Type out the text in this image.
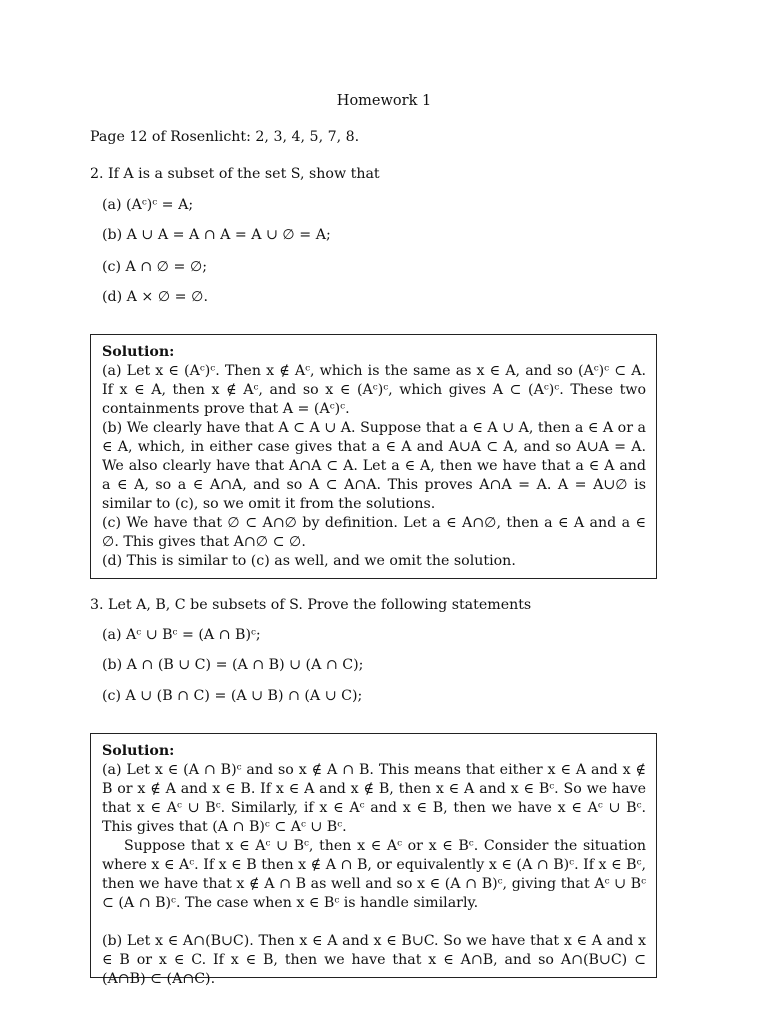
Homework 1
Page 12 of Rosenlicht: 2, 3, 4, 5, 7, 8.
2. If A is a subset of the set S, show that
(a) (Aᶜ)ᶜ = A;
(b) A ∪ A = A ∩ A = A ∪ ∅ = A;
(c) A ∩ ∅ = ∅;
(d) A × ∅ = ∅.

Solution:

(a) Let x ∈ (Aᶜ)ᶜ. Then x ∉ Aᶜ, which is the same as x ∈ A, and so (Aᶜ)ᶜ ⊂ A. If x ∈ A, then x ∉ Aᶜ, and so x ∈ (Aᶜ)ᶜ, which gives A ⊂ (Aᶜ)ᶜ. These two containments prove that A = (Aᶜ)ᶜ.

(b) We clearly have that A ⊂ A ∪ A. Suppose that a ∈ A ∪ A, then a ∈ A or a ∈ A, which, in either case gives that a ∈ A and A∪A ⊂ A, and so A∪A = A. We also clearly have that A∩A ⊂ A. Let a ∈ A, then we have that a ∈ A and a ∈ A, so a ∈ A∩A, and so A ⊂ A∩A. This proves A∩A = A. A = A∪∅ is similar to (c), so we omit it from the solutions.

(c) We have that ∅ ⊂ A∩∅ by definition. Let a ∈ A∩∅, then a ∈ A and a ∈ ∅. This gives that A∩∅ ⊂ ∅.

(d) This is similar to (c) as well, and we omit the solution.

3. Let A, B, C be subsets of S. Prove the following statements
(a) Aᶜ ∪ Bᶜ = (A ∩ B)ᶜ;
(b) A ∩ (B ∪ C) = (A ∩ B) ∪ (A ∩ C);
(c) A ∪ (B ∩ C) = (A ∪ B) ∩ (A ∪ C);

Solution:

(a) Let x ∈ (A ∩ B)ᶜ and so x ∉ A ∩ B. This means that either x ∈ A and x ∉ B or x ∉ A and x ∈ B. If x ∈ A and x ∉ B, then x ∈ A and x ∈ Bᶜ. So we have that x ∈ Aᶜ ∪ Bᶜ. Similarly, if x ∈ Aᶜ and x ∈ B, then we have x ∈ Aᶜ ∪ Bᶜ. This gives that (A ∩ B)ᶜ ⊂ Aᶜ ∪ Bᶜ.

Suppose that x ∈ Aᶜ ∪ Bᶜ, then x ∈ Aᶜ or x ∈ Bᶜ. Consider the situation where x ∈ Aᶜ. If x ∈ B then x ∉ A ∩ B, or equivalently x ∈ (A ∩ B)ᶜ. If x ∈ Bᶜ, then we have that x ∉ A ∩ B as well and so x ∈ (A ∩ B)ᶜ, giving that Aᶜ ∪ Bᶜ ⊂ (A ∩ B)ᶜ. The case when x ∈ Bᶜ is handle similarly.

(b) Let x ∈ A∩(B∪C). Then x ∈ A and x ∈ B∪C. So we have that x ∈ A and x ∈ B or x ∈ C. If x ∈ B, then we have that x ∈ A∩B, and so A∩(B∪C) ⊂ (A∩B) ⊂ (A∩C).
